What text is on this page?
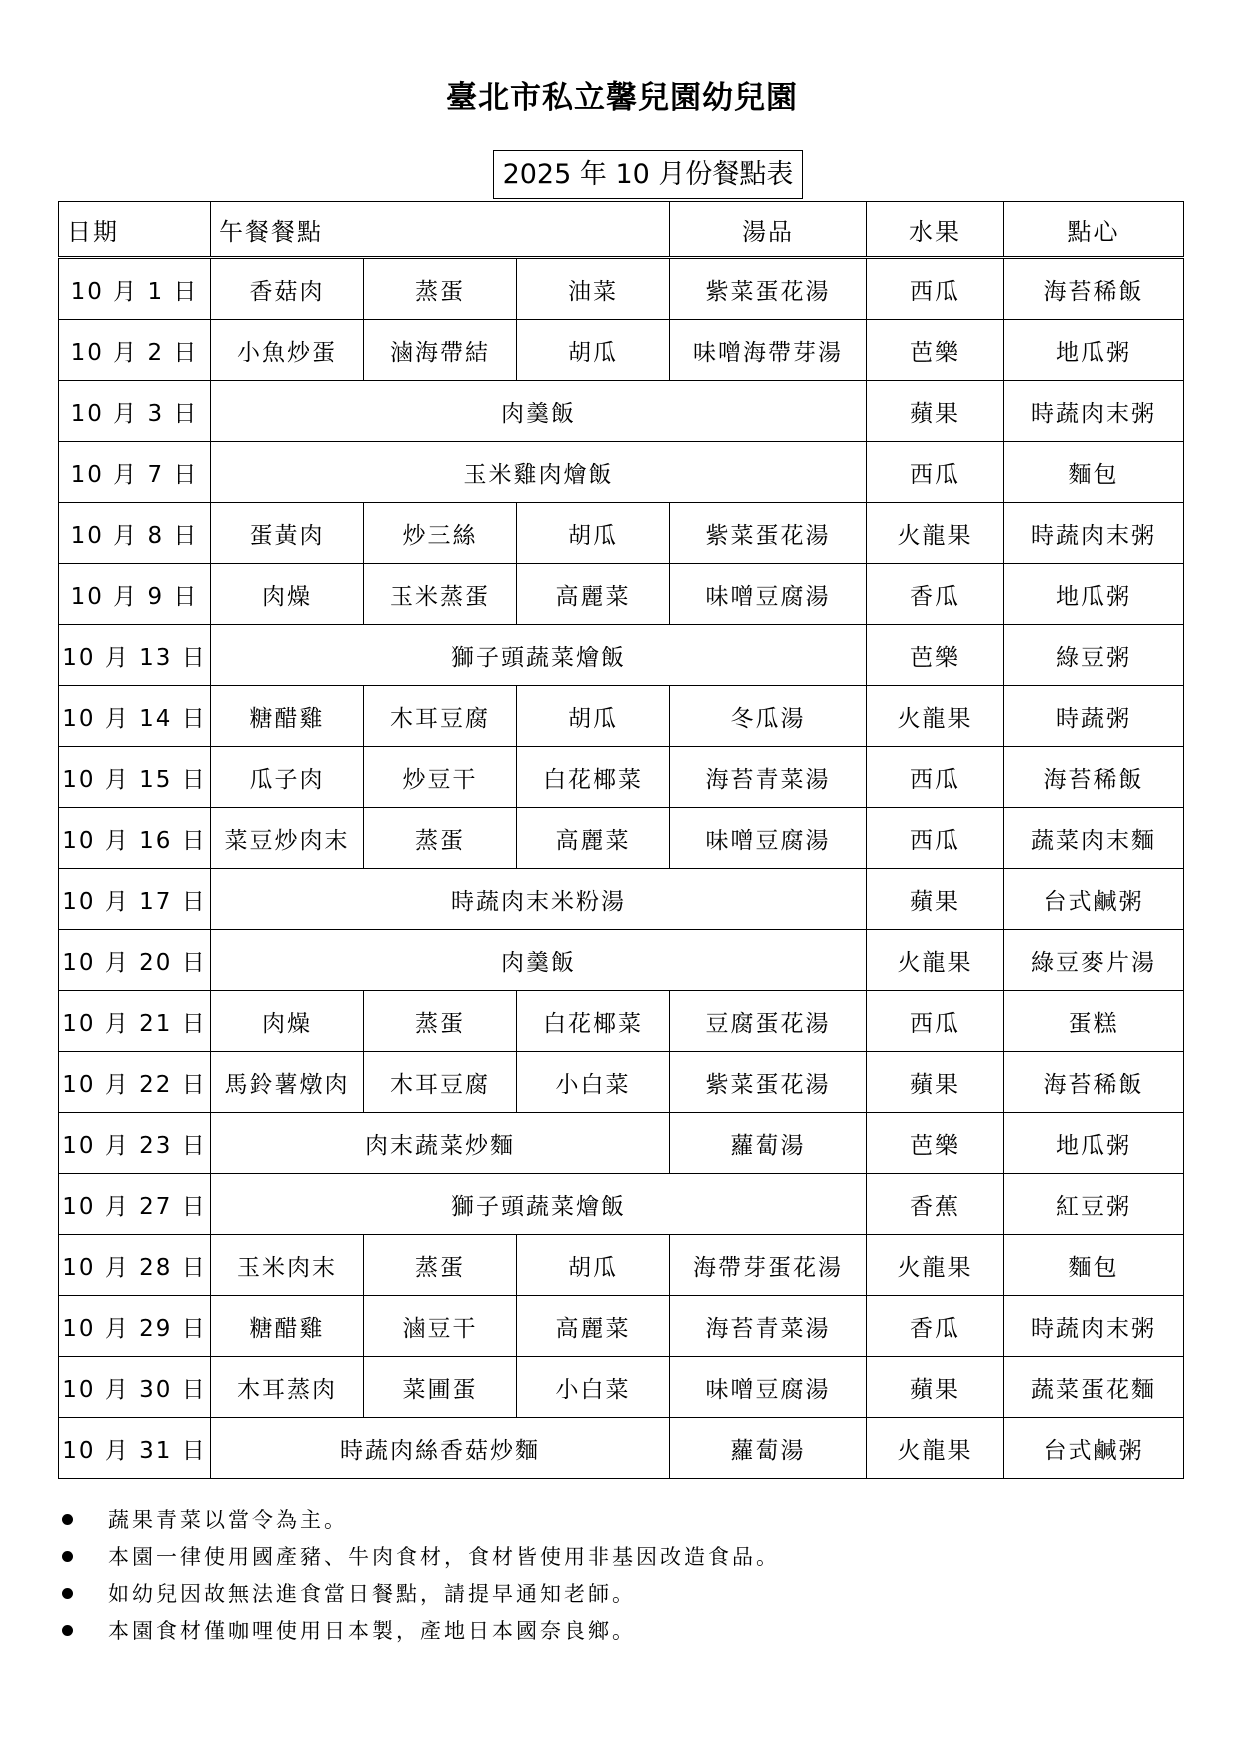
臺北市私立馨兒園幼兒園
2025 年 10 月份餐點表
日期	午餐餐點			湯品	水果	點心
10 月 1 日	香菇肉	蒸蛋	油菜	紫菜蛋花湯	西瓜	海苔稀飯
10 月 2 日	小魚炒蛋	滷海帶結	胡瓜	味噌海帶芽湯	芭樂	地瓜粥
10 月 3 日	肉羹飯				蘋果	時蔬肉末粥
10 月 7 日	玉米雞肉燴飯				西瓜	麵包
10 月 8 日	蛋黃肉	炒三絲	胡瓜	紫菜蛋花湯	火龍果	時蔬肉末粥
10 月 9 日	肉燥	玉米蒸蛋	高麗菜	味噌豆腐湯	香瓜	地瓜粥
10 月 13 日	獅子頭蔬菜燴飯				芭樂	綠豆粥
10 月 14 日	糖醋雞	木耳豆腐	胡瓜	冬瓜湯	火龍果	時蔬粥
10 月 15 日	瓜子肉	炒豆干	白花椰菜	海苔青菜湯	西瓜	海苔稀飯
10 月 16 日	菜豆炒肉末	蒸蛋	高麗菜	味噌豆腐湯	西瓜	蔬菜肉末麵
10 月 17 日	時蔬肉末米粉湯				蘋果	台式鹹粥
10 月 20 日	肉羹飯				火龍果	綠豆麥片湯
10 月 21 日	肉燥	蒸蛋	白花椰菜	豆腐蛋花湯	西瓜	蛋糕
10 月 22 日	馬鈴薯燉肉	木耳豆腐	小白菜	紫菜蛋花湯	蘋果	海苔稀飯
10 月 23 日	肉末蔬菜炒麵			蘿蔔湯	芭樂	地瓜粥
10 月 27 日	獅子頭蔬菜燴飯				香蕉	紅豆粥
10 月 28 日	玉米肉末	蒸蛋	胡瓜	海帶芽蛋花湯	火龍果	麵包
10 月 29 日	糖醋雞	滷豆干	高麗菜	海苔青菜湯	香瓜	時蔬肉末粥
10 月 30 日	木耳蒸肉	菜圃蛋	小白菜	味噌豆腐湯	蘋果	蔬菜蛋花麵
10 月 31 日	時蔬肉絲香菇炒麵			蘿蔔湯	火龍果	台式鹹粥
蔬果青菜以當令為主。
本園一律使用國產豬、牛肉食材，食材皆使用非基因改造食品。
如幼兒因故無法進食當日餐點，請提早通知老師。
本園食材僅咖哩使用日本製，產地日本國奈良鄉。
